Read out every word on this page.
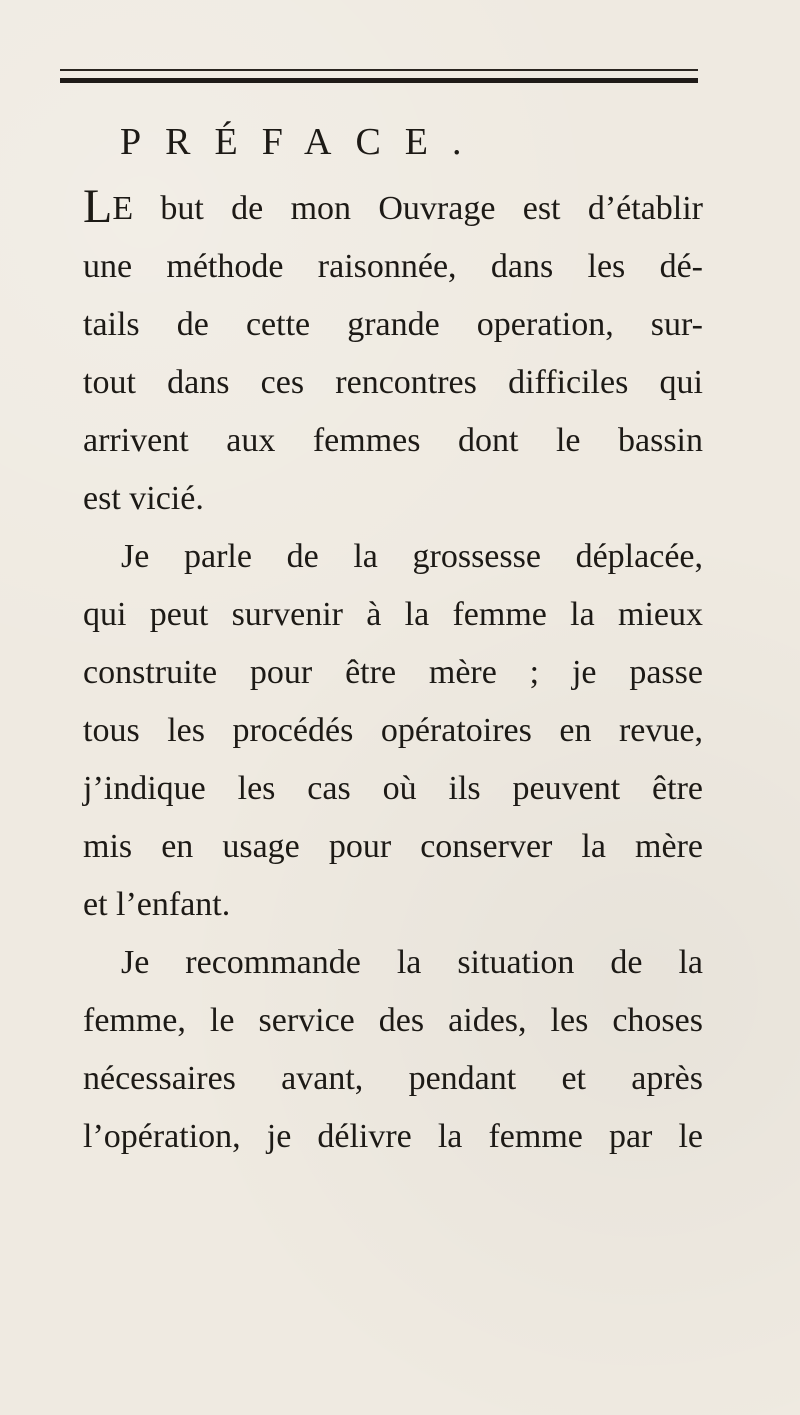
PRÉFACE.
LE but de mon Ouvrage est d’établir
une méthode raisonnée, dans les dé-
tails de cette grande operation, sur-
tout dans ces rencontres difficiles qui
arrivent aux femmes dont le bassin
est vicié.
Je parle de la grossesse déplacée,
qui peut survenir à la femme la mieux
construite pour être mère ; je passe
tous les procédés opératoires en revue,
j’indique les cas où ils peuvent être
mis en usage pour conserver la mère
et l’enfant.
Je recommande la situation de la
femme, le service des aides, les choses
nécessaires avant, pendant et après
l’opération, je délivre la femme par le
